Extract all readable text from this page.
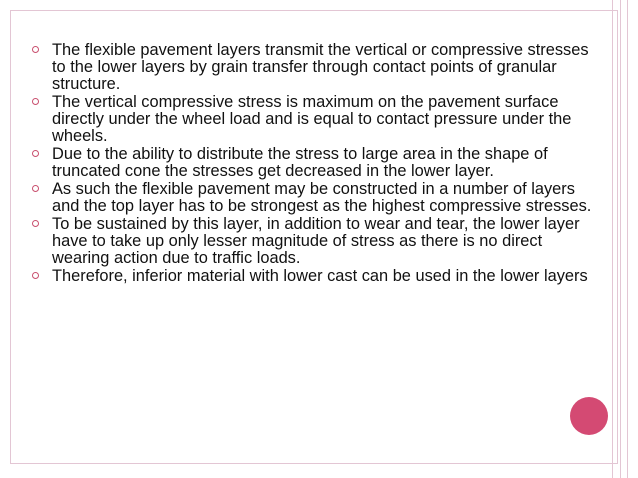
The flexible pavement layers transmit the vertical or compressive stresses to the lower layers by grain transfer through contact points of granular structure.
The vertical compressive stress is maximum on the pavement surface directly under the wheel load and is equal to contact pressure under the wheels.
Due to the ability to distribute the stress to large area in the shape of truncated cone the stresses get decreased in the lower layer.
As such the flexible pavement may be constructed in a number of layers and the top layer has to be strongest as the highest compressive stresses.
To be sustained by this layer, in addition to wear and tear, the lower layer have to take up only lesser magnitude of stress as there is no direct wearing action due to traffic loads.
Therefore, inferior material with lower cast can be used in the lower layers
